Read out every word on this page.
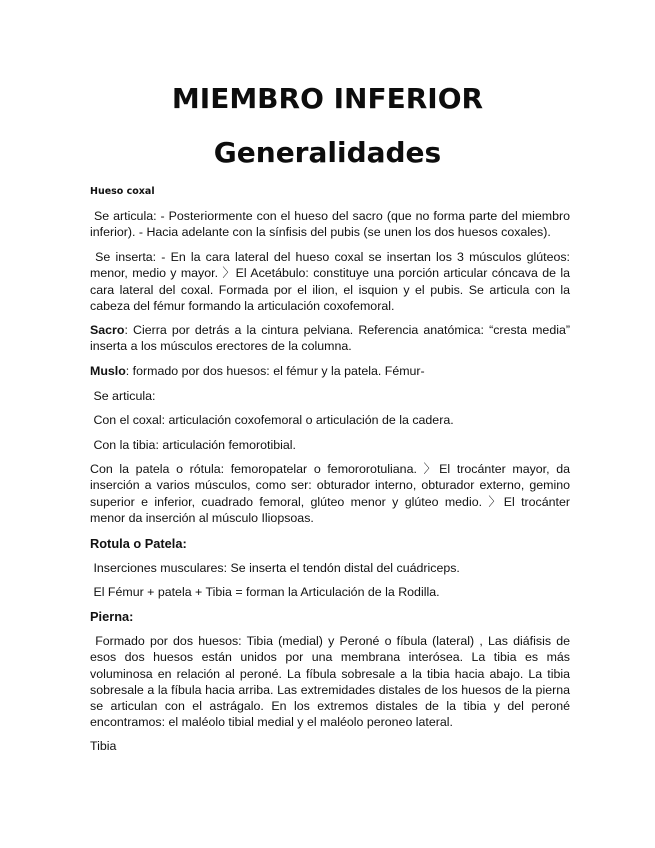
MIEMBRO INFERIOR
Generalidades

Hueso coxal

Se articula: - Posteriormente con el hueso del sacro (que no forma parte del miembro inferior). - Hacia adelante con la sínfisis del pubis (se unen los dos huesos coxales).

Se inserta: - En la cara lateral del hueso coxal se insertan los 3 músculos glúteos: menor, medio y mayor. 〉El Acetábulo: constituye una porción articular cóncava de la cara lateral del coxal. Formada por el ilion, el isquion y el pubis. Se articula con la cabeza del fémur formando la articulación coxofemoral.

Sacro: Cierra por detrás a la cintura pelviana. Referencia anatómica: “cresta media” inserta a los músculos erectores de la columna.

Muslo: formado por dos huesos: el fémur y la patela. Fémur-

Se articula:

Con el coxal: articulación coxofemoral o articulación de la cadera.

Con la tibia: articulación femorotibial.

Con la patela o rótula: femoropatelar o femororotuliana. 〉El trocánter mayor, da inserción a varios músculos, como ser: obturador interno, obturador externo, gemino superior e inferior, cuadrado femoral, glúteo menor y glúteo medio. 〉El trocánter menor da inserción al músculo Iliopsoas.

Rotula o Patela:

Inserciones musculares: Se inserta el tendón distal del cuádriceps.

El Fémur + patela + Tibia = forman la Articulación de la Rodilla.

Pierna:

Formado por dos huesos: Tibia (medial) y Peroné o fíbula (lateral) , Las diáfisis de esos dos huesos están unidos por una membrana interósea. La tibia es más voluminosa en relación al peroné. La fíbula sobresale a la tibia hacia abajo. La tibia sobresale a la fíbula hacia arriba. Las extremidades distales de los huesos de la pierna se articulan con el astrágalo. En los extremos distales de la tibia y del peroné encontramos: el maléolo tibial medial y el maléolo peroneo lateral.

Tibia
